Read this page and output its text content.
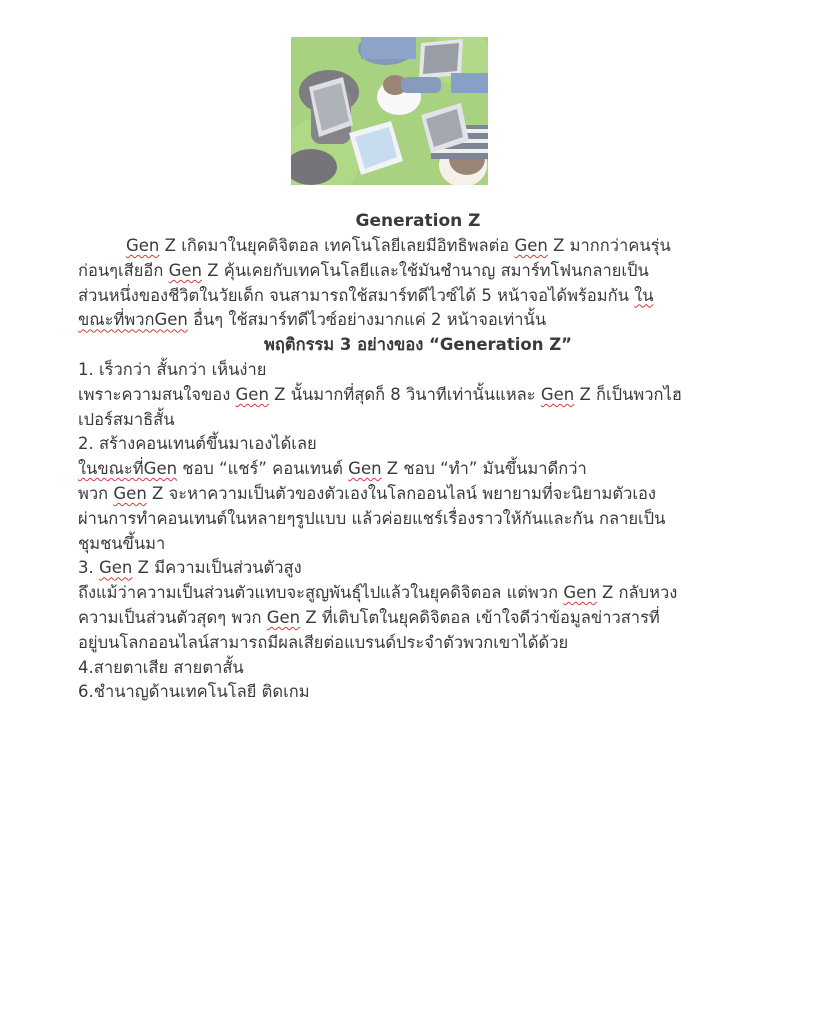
Generation Z

Gen Z เกิดมาในยุคดิจิตอล เทคโนโลยีเลยมีอิทธิพลต่อ Gen Z มากกว่าคนรุ่น
ก่อนๆเสียอีก Gen Z คุ้นเคยกับเทคโนโลยีและใช้มันชำนาญ สมาร์ทโฟนกลายเป็น
ส่วนหนึ่งของชีวิตในวัยเด็ก จนสามารถใช้สมาร์ทดีไวซ์ได้ 5 หน้าจอได้พร้อมกัน ใน
ขณะที่พวกGen อื่นๆ ใช้สมาร์ทดีไวซ์อย่างมากแค่ 2 หน้าจอเท่านั้น

พฤติกรรม 3 อย่างของ “Generation Z”

1. เร็วกว่า สั้นกว่า เห็นง่าย
เพราะความสนใจของ Gen Z นั้นมากที่สุดก็ 8 วินาทีเท่านั้นแหละ Gen Z ก็เป็นพวกไฮ
เปอร์สมาธิสั้น
2. สร้างคอนเทนต์ขึ้นมาเองได้เลย
ในขณะที่Gen ชอบ “แชร์” คอนเทนต์ Gen Z ชอบ “ทำ” มันขึ้นมาดีกว่า
พวก Gen Z จะหาความเป็นตัวของตัวเองในโลกออนไลน์ พยายามที่จะนิยามตัวเอง
ผ่านการทำคอนเทนต์ในหลายๆรูปแบบ แล้วค่อยแชร์เรื่องราวให้กันและกัน กลายเป็น
ชุมชนขึ้นมา
3. Gen Z มีความเป็นส่วนตัวสูง
ถึงแม้ว่าความเป็นส่วนตัวแทบจะสูญพันธุ์ไปแล้วในยุคดิจิตอล แต่พวก Gen Z กลับหวง
ความเป็นส่วนตัวสุดๆ พวก Gen Z ที่เติบโตในยุคดิจิตอล เข้าใจดีว่าข้อมูลข่าวสารที่
อยู่บนโลกออนไลน์สามารถมีผลเสียต่อแบรนด์ประจำตัวพวกเขาได้ด้วย
4.สายตาเสีย สายตาสั้น
6.ชำนาญด้านเทคโนโลยี ติดเกม
